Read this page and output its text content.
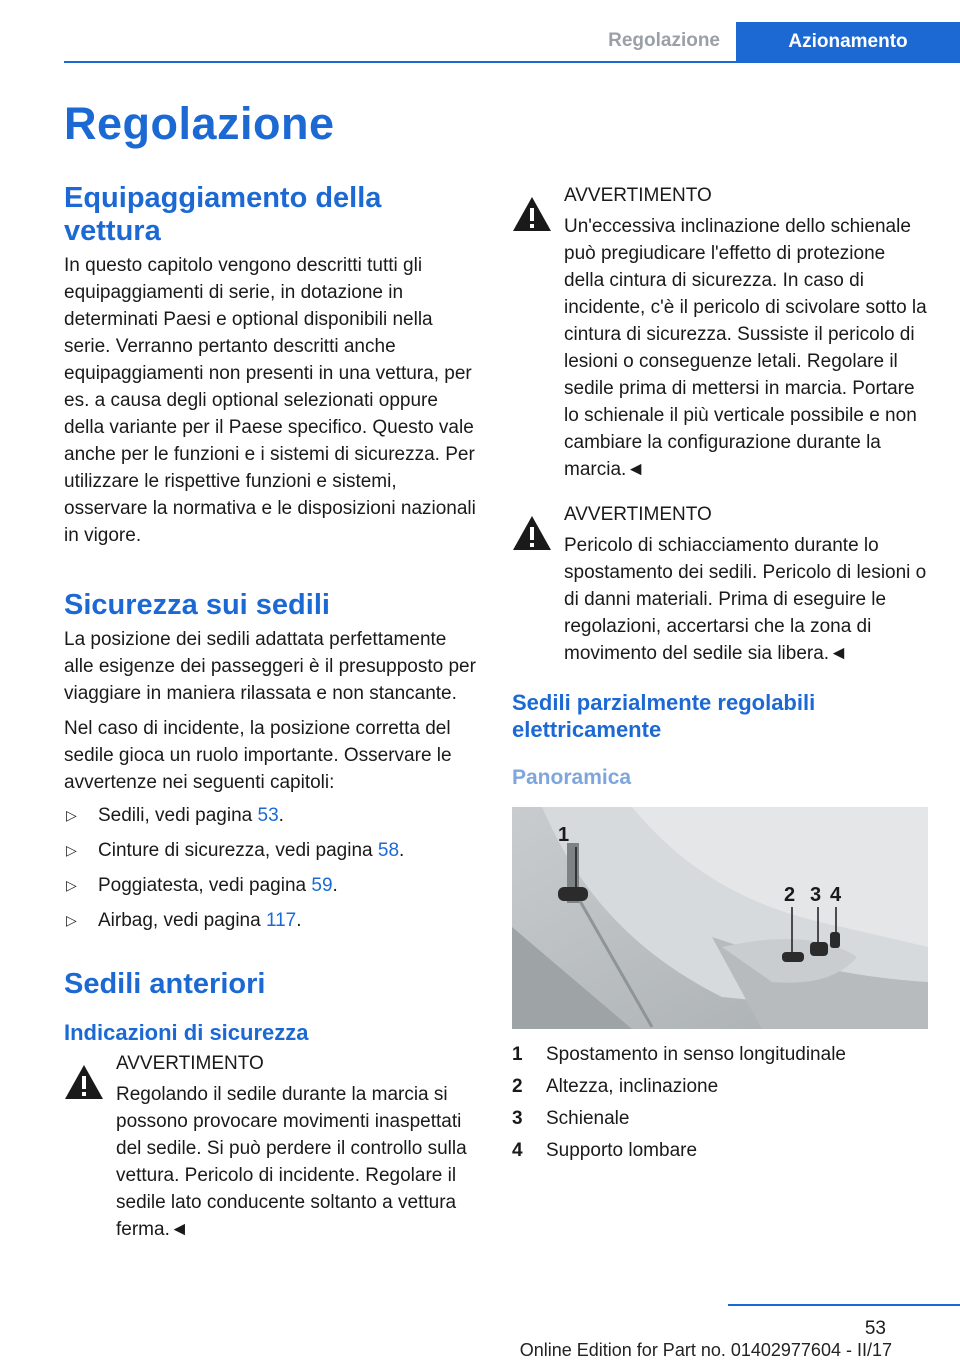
Regolazione	Azionamento
Regolazione
Equipaggiamento della vettura

In questo capitolo vengono descritti tutti gli equipaggiamenti di serie, in dotazione in determinati Paesi e optional disponibili nella serie. Verranno pertanto descritti anche equipaggiamenti non presenti in una vettura, per es. a causa degli optional selezionati oppure della variante per il Paese specifico. Questo vale anche per le funzioni e i sistemi di sicurezza. Per utilizzare le rispettive funzioni e sistemi, osservare la normativa e le disposizioni nazionali in vigore.

Sicurezza sui sedili

La posizione dei sedili adattata perfettamente alle esigenze dei passeggeri è il presupposto per viaggiare in maniera rilassata e non stancante.

Nel caso di incidente, la posizione corretta del sedile gioca un ruolo importante. Osservare le avvertenze nei seguenti capitoli:

▷ Sedili, vedi pagina 53.
▷ Cinture di sicurezza, vedi pagina 58.
▷ Poggiatesta, vedi pagina 59.
▷ Airbag, vedi pagina 117.
Sedili anteriori
Indicazioni di sicurezza
AVVERTIMENTO

Regolando il sedile durante la marcia si possono provocare movimenti inaspettati del sedile. Si può perdere il controllo sulla vettura. Pericolo di incidente. Regolare il sedile lato conducente soltanto a vettura ferma.◄

AVVERTIMENTO

Un'eccessiva inclinazione dello schienale può pregiudicare l'effetto di protezione della cintura di sicurezza. In caso di incidente, c'è il pericolo di scivolare sotto la cintura di sicurezza. Sussiste il pericolo di lesioni o conseguenze letali. Regolare il sedile prima di mettersi in marcia. Portare lo schienale il più verticale possibile e non cambiare la configurazione durante la marcia.◄

AVVERTIMENTO

Pericolo di schiacciamento durante lo spostamento dei sedili. Pericolo di lesioni o di danni materiali. Prima di eseguire le regolazioni, accertarsi che la zona di movimento del sedile sia libera.◄

Sedili parzialmente regolabili elettricamente
Panoramica
1
2 3 4
1	Spostamento in senso longitudinale
2	Altezza, inclinazione
3	Schienale
4	Supporto lombare
53
Online Edition for Part no. 01402977604 - II/17
